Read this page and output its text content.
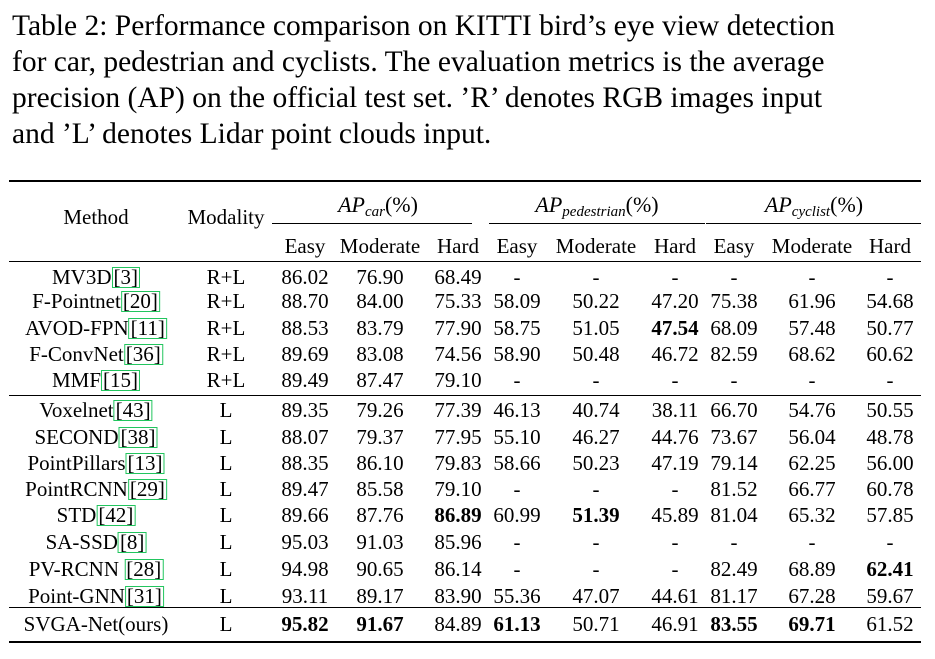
Table 2: Performance comparison on KITTI bird’s eye view detection
for car, pedestrian and cyclists. The evaluation metrics is the average
precision (AP) on the official test set. ’R’ denotes RGB images input
and ’L’ denotes Lidar point clouds input.
Method	Modality	$AP_{car}(\%)$	$AP_{pedestrian}(\%)$	$AP_{cyclist}(\%)$
Easy Moderate Hard Easy Moderate Hard Easy Moderate Hard
MV3D[3]	R+L 86.02 76.90 68.49 -	-	- -	-	-
F-Pointnet[20] R+L 88.70 84.00 75.33 58.09 50.22 47.20 75.38 61.96 54.68
AVOD-FPN[11] R+L 88.53 83.79 77.90 58.75 51.05 47.54 68.09 57.48 50.77
F-ConvNet[36] R+L 89.69 83.08 74.56 58.90 50.48 46.72 82.59 68.62 60.62
MMF[15]	R+L 89.49 87.47 79.10 -	-	- -	-	-
Voxelnet[43]	L 89.35 79.26 77.39 46.13 40.74 38.11 66.70 54.76 50.55
SECOND[38]	L 88.07 79.37 77.95 55.10 46.27 44.76 73.67 56.04 48.78
PointPillars[13]	L 88.35 86.10 79.83 58.66 50.23 47.19 79.14 62.25 56.00
PointRCNN[29]	L 89.47 85.58 79.10 -	-	- 81.52 66.77 60.78
STD[42]	L 89.66 87.76 86.89 60.99 51.39 45.89 81.04 65.32 57.85
SA-SSD[8]	L 95.03 91.03 85.96 -	-	- -	-	-
PV-RCNN [28]	L 94.98 90.65 86.14 -	-	- 82.49 68.89 62.41
Point-GNN[31]	L 93.11 89.17 83.90 55.36 47.07 44.61 81.17 67.28 59.67
SVGA-Net(ours) L 95.82 91.67 84.89 61.13 50.71 46.91 83.55 69.71 61.52
